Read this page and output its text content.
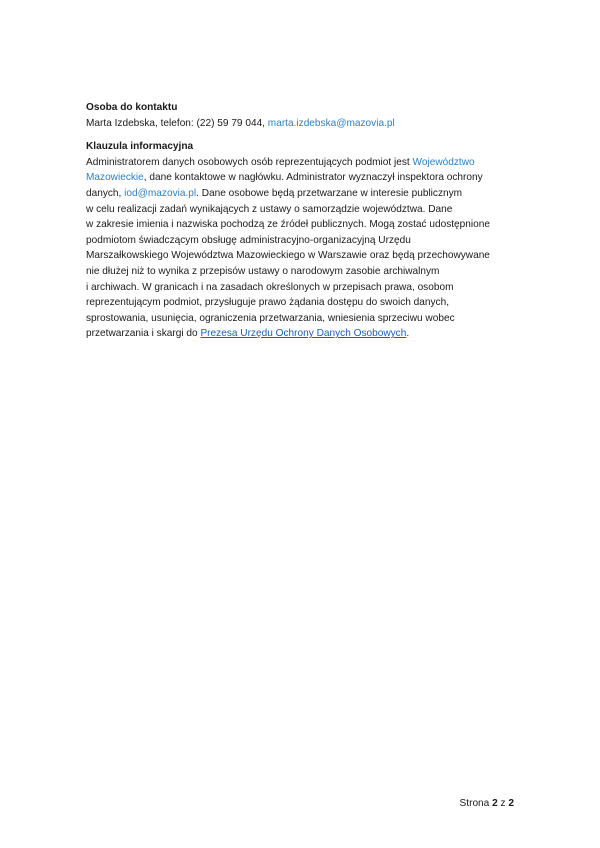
Osoba do kontaktu

Marta Izdebska, telefon: (22) 59 79 044, marta.izdebska@mazovia.pl

Klauzula informacyjna

Administratorem danych osobowych osób reprezentujących podmiot jest Województwo

Mazowieckie, dane kontaktowe w nagłówku. Administrator wyznaczył inspektora ochrony

danych, iod@mazovia.pl. Dane osobowe będą przetwarzane w interesie publicznym

w celu realizacji zadań wynikających z ustawy o samorządzie województwa. Dane

w zakresie imienia i nazwiska pochodzą ze źródeł publicznych. Mogą zostać udostępnione

podmiotom świadczącym obsługę administracyjno-organizacyjną Urzędu

Marszałkowskiego Województwa Mazowieckiego w Warszawie oraz będą przechowywane

nie dłużej niż to wynika z przepisów ustawy o narodowym zasobie archiwalnym

i archiwach. W granicach i na zasadach określonych w przepisach prawa, osobom

reprezentującym podmiot, przysługuje prawo żądania dostępu do swoich danych,

sprostowania, usunięcia, ograniczenia przetwarzania, wniesienia sprzeciwu wobec

przetwarzania i skargi do Prezesa Urzędu Ochrony Danych Osobowych.

Strona 2 z 2
